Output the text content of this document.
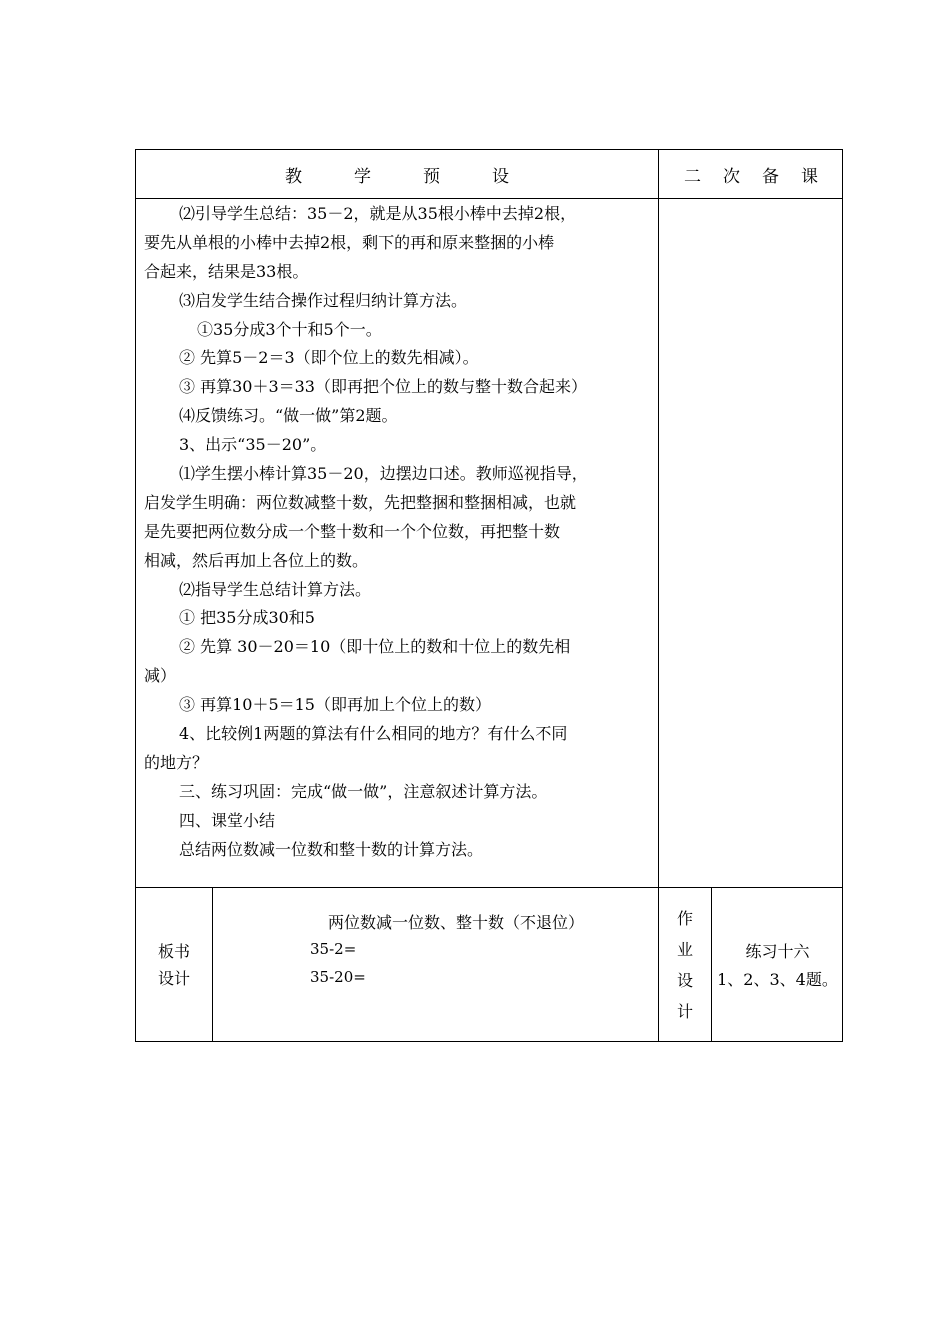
教学预设	二次备课
⑵引导学生总结：35－2，就是从35根小棒中去掉2根，
要先从单根的小棒中去掉2根，剩下的再和原来整捆的小棒
合起来，结果是33根。
⑶启发学生结合操作过程归纳计算方法。
①35分成3个十和5个一。
② 先算5－2＝3（即个位上的数先相减）。
③ 再算30＋3＝33（即再把个位上的数与整十数合起来）
⑷反馈练习。“做一做”第2题。
3、出示“35－20”。
⑴学生摆小棒计算35－20，边摆边口述。教师巡视指导，
启发学生明确：两位数减整十数，先把整捆和整捆相减，也就
是先要把两位数分成一个整十数和一个个位数，再把整十数
相减，然后再加上各位上的数。
⑵指导学生总结计算方法。
① 把35分成30和5
② 先算 30－20＝10（即十位上的数和十位上的数先相
减）
③ 再算10＋5＝15（即再加上个位上的数）
4、比较例1两题的算法有什么相同的地方？有什么不同
的地方？
三、练习巩固：完成“做一做”，注意叙述计算方法。
四、课堂小结
总结两位数减一位数和整十数的计算方法。
板书
设计
两位数减一位数、整十数（不退位）
35-2=
35-20=
作
业
设
计
练习十六
1、2、3、4题。
